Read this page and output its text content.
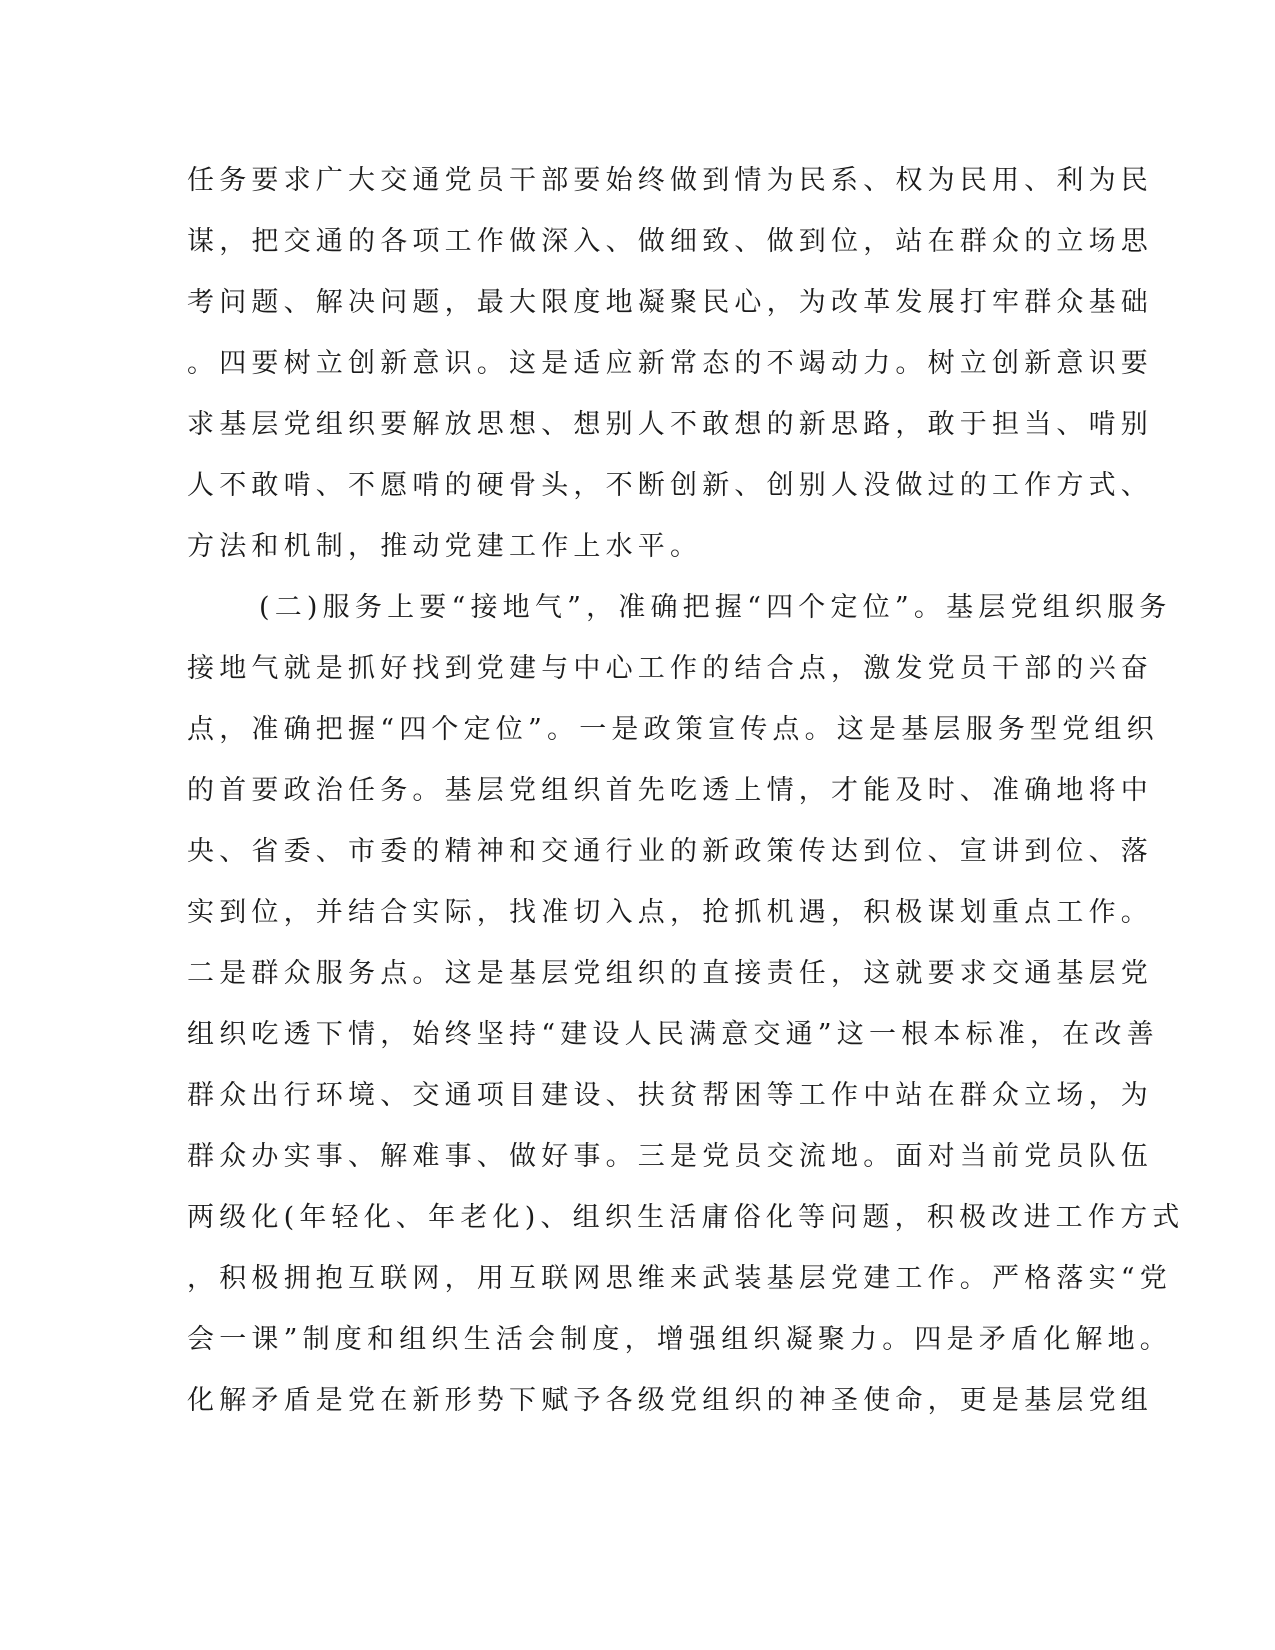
任务要求广大交通党员干部要始终做到情为民系、权为民用、利为民

谋，把交通的各项工作做深入、做细致、做到位，站在群众的立场思

考问题、解决问题，最大限度地凝聚民心，为改革发展打牢群众基础

。四要树立创新意识。这是适应新常态的不竭动力。树立创新意识要

求基层党组织要解放思想、想别人不敢想的新思路，敢于担当、啃别

人不敢啃、不愿啃的硬骨头，不断创新、创别人没做过的工作方式、

方法和机制，推动党建工作上水平。

(二)服务上要“接地气”，准确把握“四个定位”。基层党组织服务

接地气就是抓好找到党建与中心工作的结合点，激发党员干部的兴奋

点，准确把握“四个定位”。一是政策宣传点。这是基层服务型党组织

的首要政治任务。基层党组织首先吃透上情，才能及时、准确地将中

央、省委、市委的精神和交通行业的新政策传达到位、宣讲到位、落

实到位，并结合实际，找准切入点，抢抓机遇，积极谋划重点工作。

二是群众服务点。这是基层党组织的直接责任，这就要求交通基层党

组织吃透下情，始终坚持“建设人民满意交通”这一根本标准，在改善

群众出行环境、交通项目建设、扶贫帮困等工作中站在群众立场，为

群众办实事、解难事、做好事。三是党员交流地。面对当前党员队伍

两级化(年轻化、年老化)、组织生活庸俗化等问题，积极改进工作方式

，积极拥抱互联网，用互联网思维来武装基层党建工作。严格落实“党

会一课”制度和组织生活会制度，增强组织凝聚力。四是矛盾化解地。

化解矛盾是党在新形势下赋予各级党组织的神圣使命，更是基层党组
